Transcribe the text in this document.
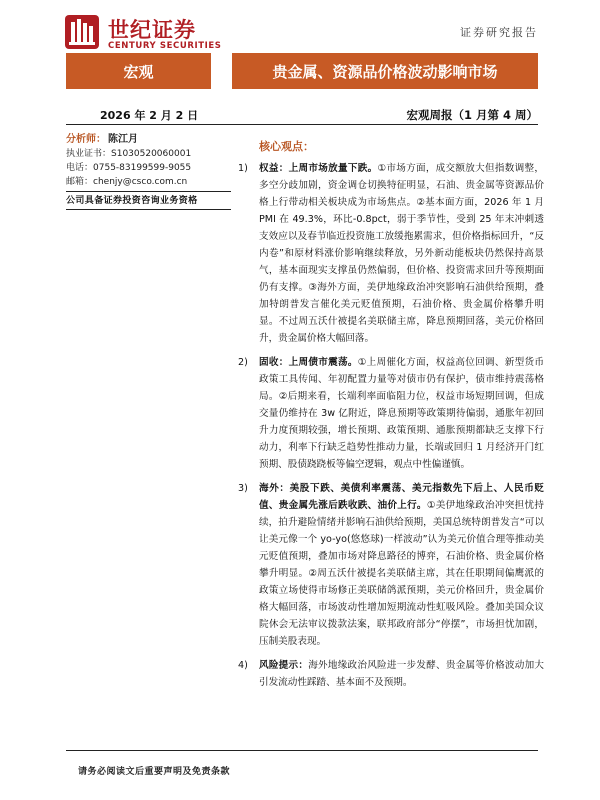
世纪证券
CENTURY SECURITIES
证券研究报告
宏观	贵金属、资源品价格波动影响市场
2026 年 2 月 2 日	宏观周报（1 月第 4 周）
分析师： 陈江月
执业证书：S1030520060001
电话：0755-83199599-9055
邮箱：chenjy@csco.com.cn
公司具备证券投资咨询业务资格
核心观点：
1) 权益：上周市场放量下跌。①市场方面，成交额放大但指数调整，多空分歧加剧，资金调仓切换特征明显，石油、贵金属等资源品价格上行带动相关板块成为市场焦点。②基本面方面，2026 年 1 月 PMI 在 49.3%，环比-0.8pct，弱于季节性，受到 25 年末冲刺透支效应以及春节临近投资施工放缓拖累需求，但价格指标回升，“反内卷”和原材料涨价影响继续释放，另外新动能板块仍然保持高景气，基本面现实支撑虽仍然偏弱，但价格、投资需求回升等预期面仍有支撑。③海外方面，美伊地缘政治冲突影响石油供给预期，叠加特朗普发言催化美元贬值预期，石油价格、贵金属价格攀升明显。不过周五沃什被提名美联储主席，降息预期回落，美元价格回升，贵金属价格大幅回落。

2) 固收：上周债市震荡。①上周催化方面，权益高位回调、新型货币政策工具传闻、年初配置力量等对债市仍有保护，债市维持震荡格局。②后期来看，长端利率面临阻力位，权益市场短期回调，但成交量仍维持在 3w 亿附近，降息预期等政策期待偏弱，通胀年初回升力度预期较强，增长预期、政策预期、通胀预期都缺乏支撑下行动力，利率下行缺乏趋势性推动力量，长端或回归 1 月经济开门红预期、股债跷跷板等偏空逻辑，观点中性偏谨慎。

3) 海外：美股下跌、美债利率震荡、美元指数先下后上、人民币贬值、贵金属先涨后跌收跌、油价上行。①美伊地缘政治冲突担忧持续，拍升避险情绪并影响石油供给预期，美国总统特朗普发言“可以让美元像一个 yo-yo(悠悠球)一样波动”认为美元价值合理等推动美元贬值预期，叠加市场对降息路径的博弈，石油价格、贵金属价格攀升明显。②周五沃什被提名美联储主席，其在任职期间偏鹰派的政策立场使得市场修正美联储鸽派预期，美元价格回升，贵金属价格大幅回落，市场波动性增加短期流动性虹吸风险。叠加美国众议院休会无法审议拨款法案，联邦政府部分“停摆”，市场担忧加剧，压制美股表现。

4) 风险提示：海外地缘政治风险进一步发酵、贵金属等价格波动加大引发流动性踩踏、基本面不及预期。

请务必阅读文后重要声明及免责条款
